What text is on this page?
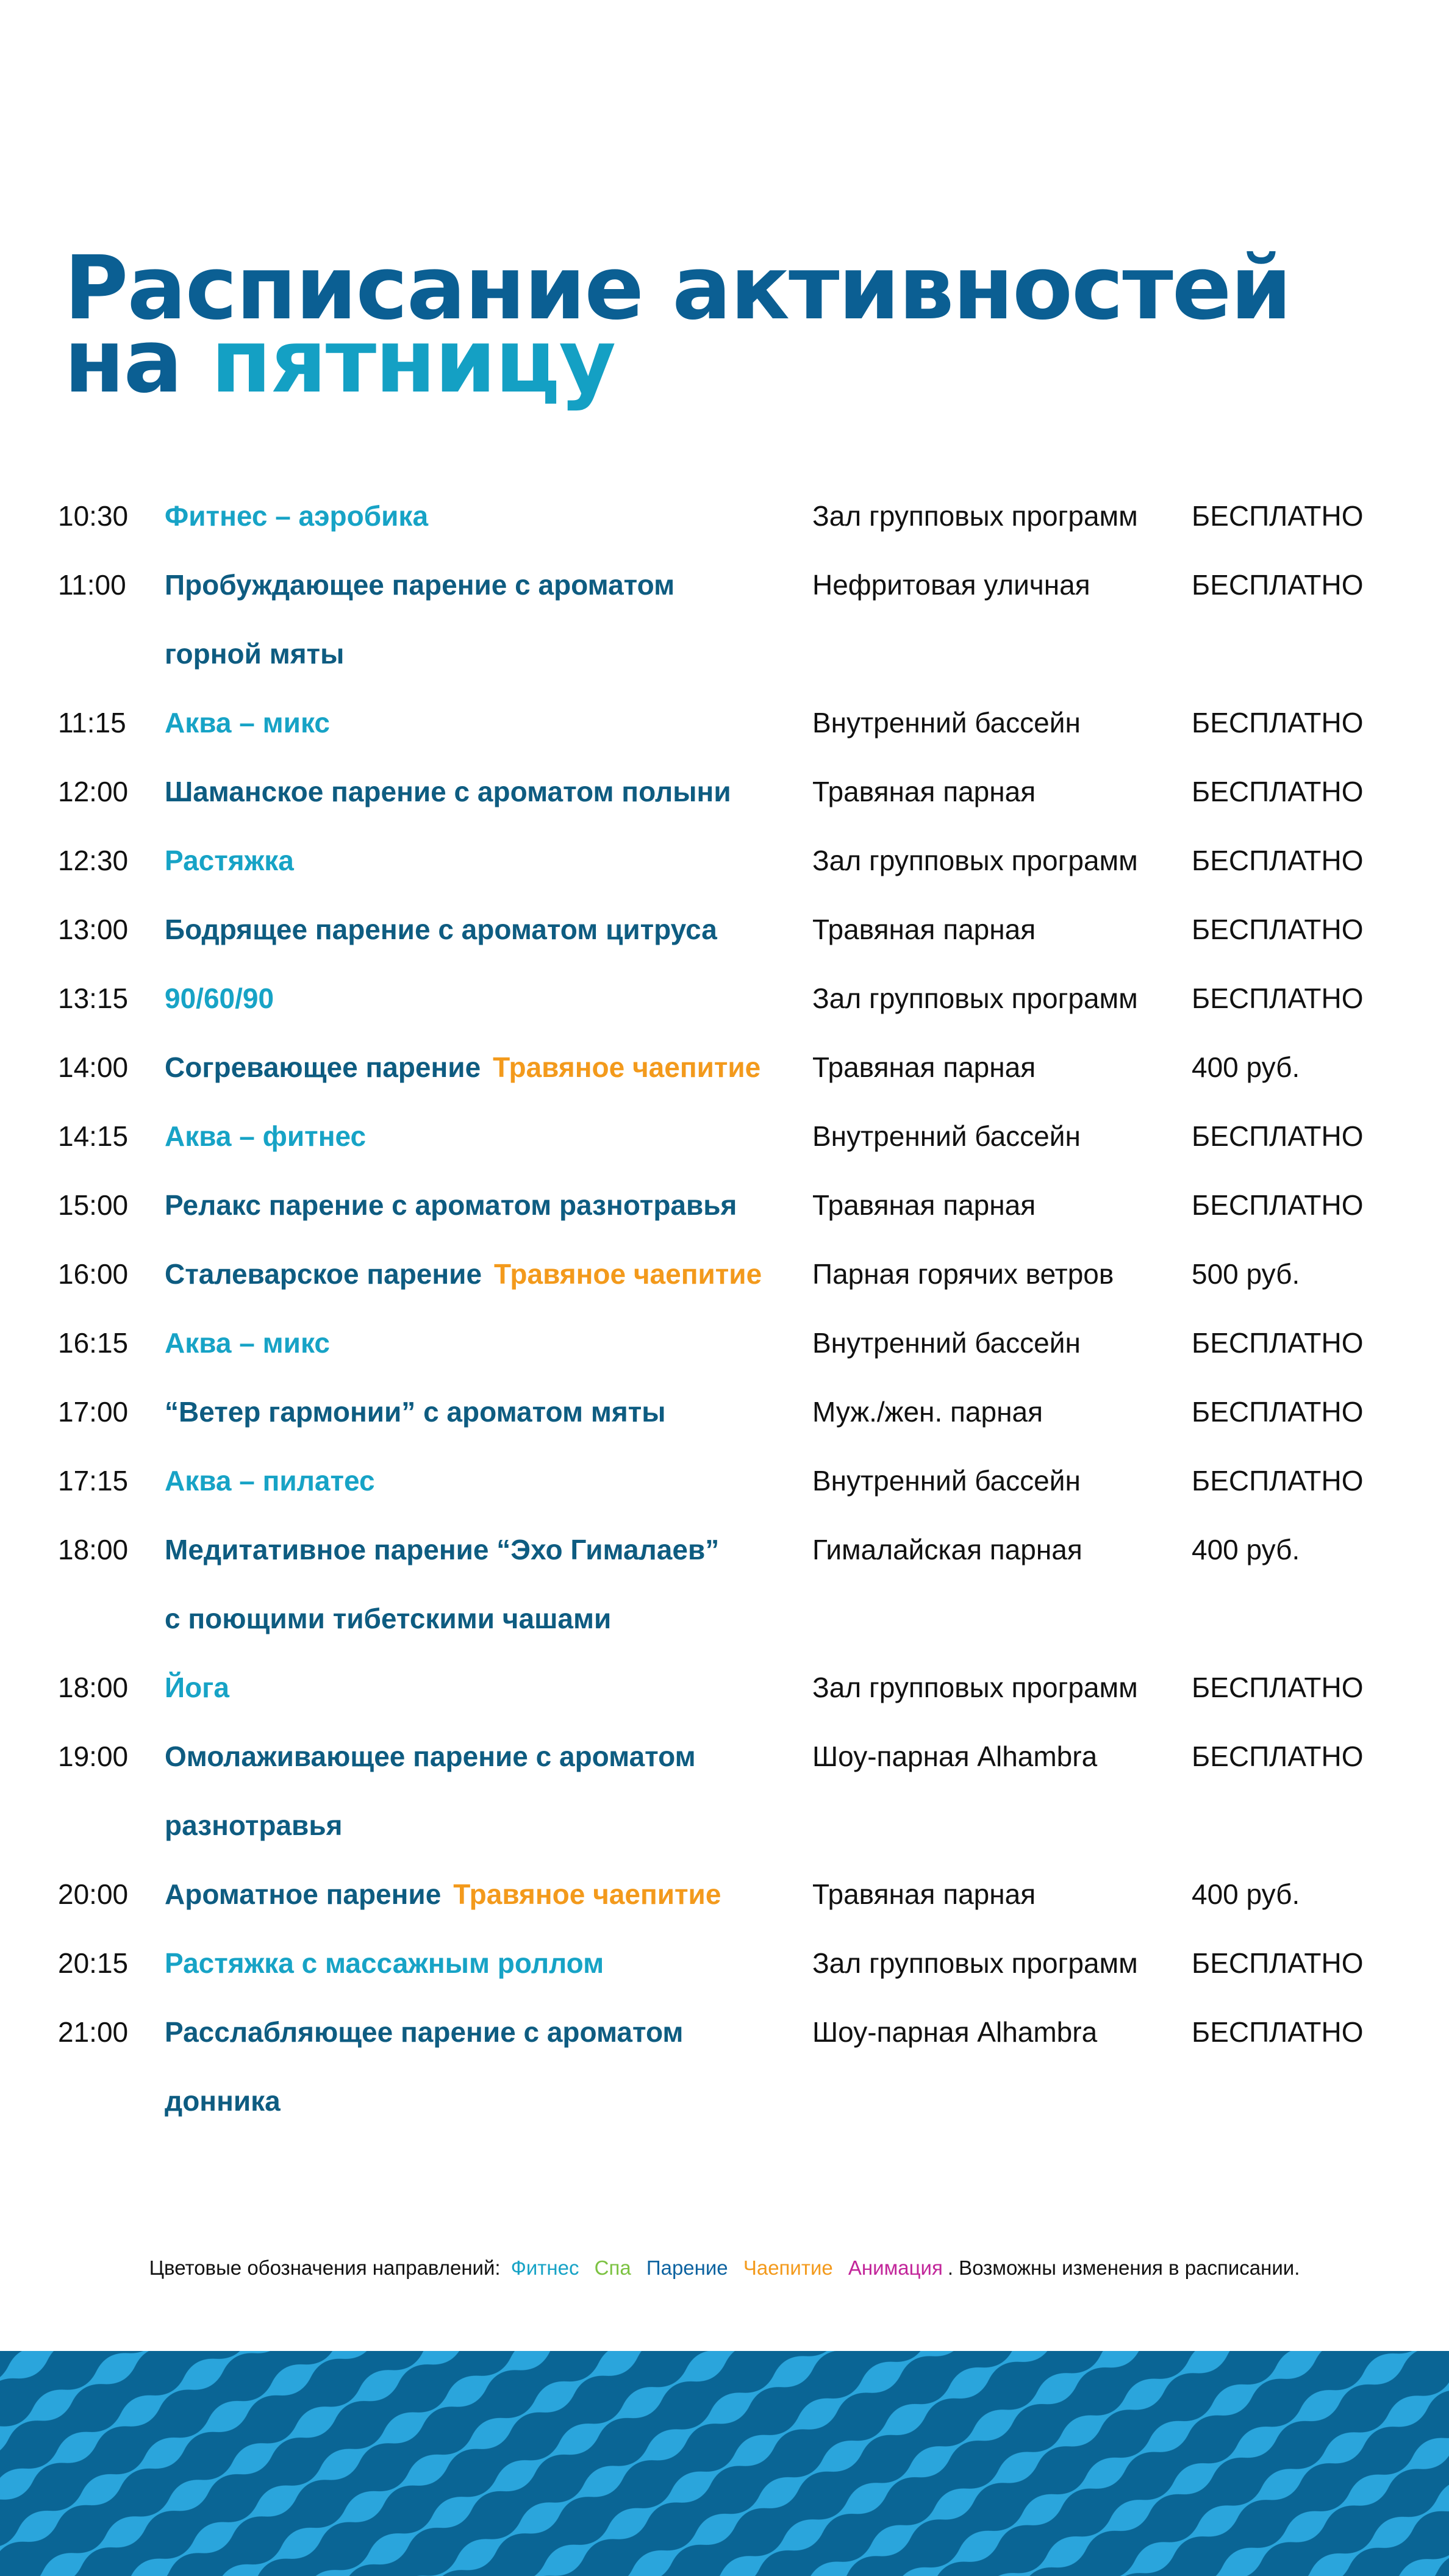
Расписание активностей
на пятницу
10:30 Фитнес – аэробика	Зал групповых программ БЕСПЛАТНО
11:00 Пробуждающее парение с ароматом
горной мяты
Нефритовая уличная	БЕСПЛАТНО
11:15 Аква – микс	Внутренний бассейн	БЕСПЛАТНО
12:00 Шаманское парение с ароматом полыни	Травяная парная	БЕСПЛАТНО
12:30 Растяжка	Зал групповых программ БЕСПЛАТНО
13:00 Бодрящее парение с ароматом цитруса	Травяная парная	БЕСПЛАТНО
13:15 90/60/90	Зал групповых программ БЕСПЛАТНО
14:00 Согревающее парение Травяное чаепитие	Травяная парная	400 руб.
14:15 Аква – фитнес	Внутренний бассейн	БЕСПЛАТНО
15:00 Релакс парение с ароматом разнотравья	Травяная парная	БЕСПЛАТНО
16:00 Сталеварское парение Травяное чаепитие	Парная горячих ветров	500 руб.
16:15 Аква – микс	Внутренний бассейн	БЕСПЛАТНО
17:00 “Ветер гармонии” с ароматом мяты	Муж./жен. парная	БЕСПЛАТНО
17:15 Аква – пилатес	Внутренний бассейн	БЕСПЛАТНО
18:00 Медитативное парение “Эхо Гималаев”
с поющими тибетскими чашами
Гималайская парная	400 руб.
18:00 Йога	Зал групповых программ БЕСПЛАТНО
19:00 Омолаживающее парение с ароматом
разнотравья
Шоу-парная Alhambra	БЕСПЛАТНО
20:00 Ароматное парение Травяное чаепитие	Травяная парная	400 руб.
20:15 Растяжка с массажным роллом	Зал групповых программ БЕСПЛАТНО
21:00 Расслабляющее парение с ароматом
донника
Шоу-парная Alhambra	БЕСПЛАТНО
Цветовые обозначения направлений: Фитнес Спа Парение Чаепитие Анимация . Возможны изменения в расписании.
